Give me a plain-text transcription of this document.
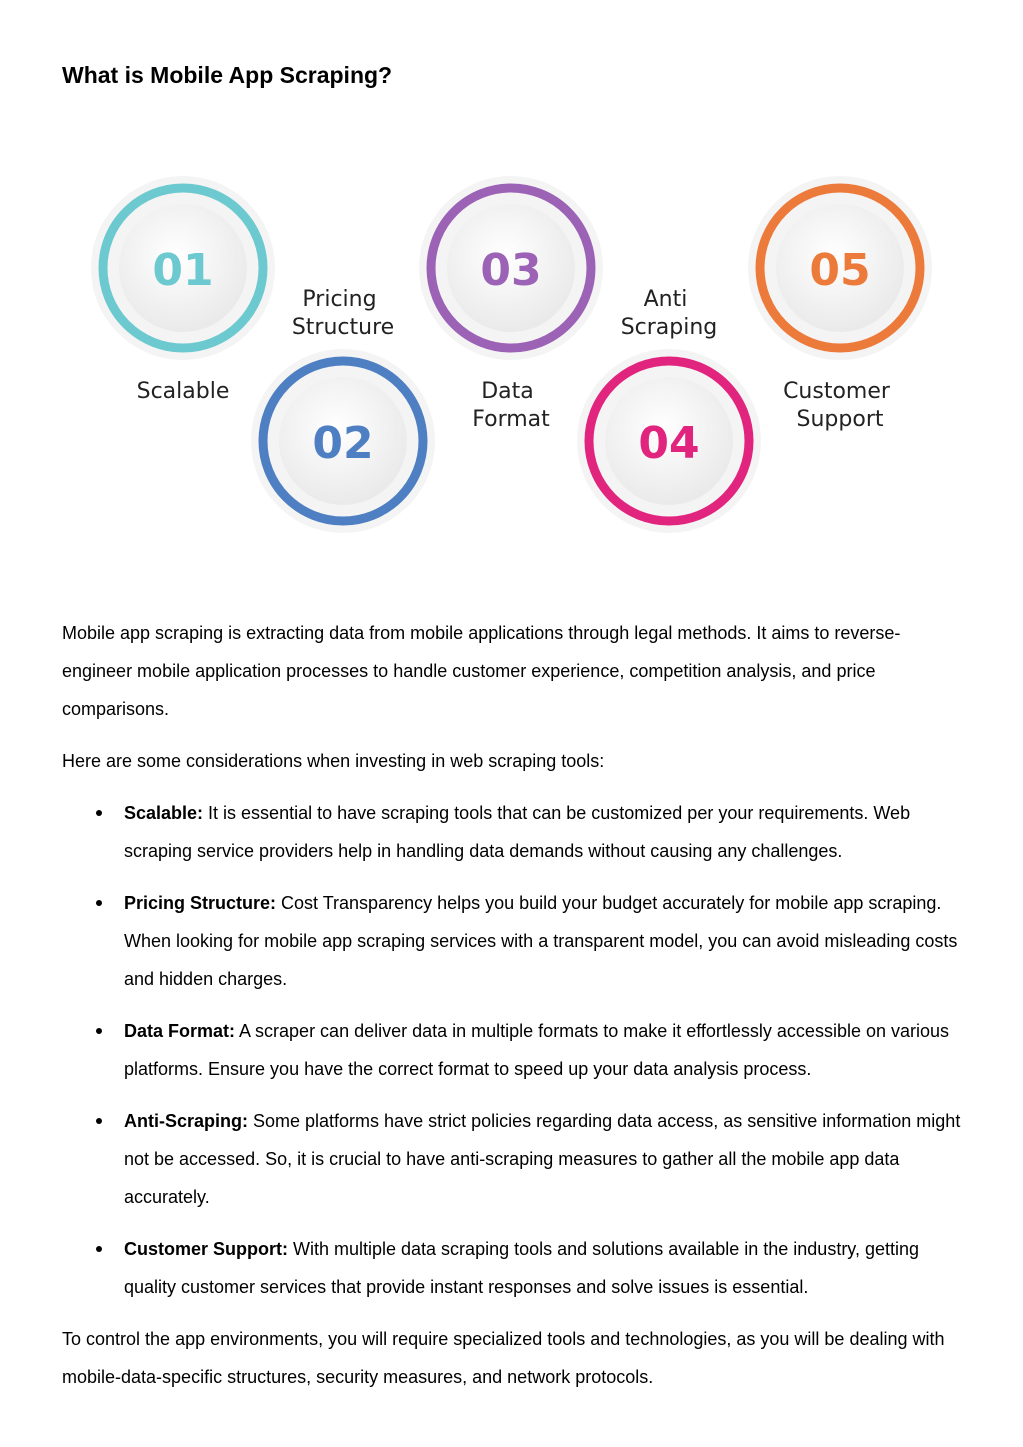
What is Mobile App Scraping?
01
Scalable
02
Pricing Structure
03
Data Format 04
Anti Scraping
05
Customer Support

Mobile app scraping is extracting data from mobile applications through legal methods. It aims to reverse-engineer mobile application processes to handle customer experience, competition analysis, and price comparisons.

Here are some considerations when investing in web scraping tools:

Scalable: It is essential to have scraping tools that can be customized per your requirements. Web scraping service providers help in handling data demands without causing any challenges.
Pricing Structure: Cost Transparency helps you build your budget accurately for mobile app scraping. When looking for mobile app scraping services with a transparent model, you can avoid misleading costs and hidden charges.
Data Format: A scraper can deliver data in multiple formats to make it effortlessly accessible on various platforms. Ensure you have the correct format to speed up your data analysis process.
Anti-Scraping: Some platforms have strict policies regarding data access, as sensitive information might not be accessed. So, it is crucial to have anti-scraping measures to gather all the mobile app data accurately.
Customer Support: With multiple data scraping tools and solutions available in the industry, getting quality customer services that provide instant responses and solve issues is essential.

To control the app environments, you will require specialized tools and technologies, as you will be dealing with mobile-data-specific structures, security measures, and network protocols.
